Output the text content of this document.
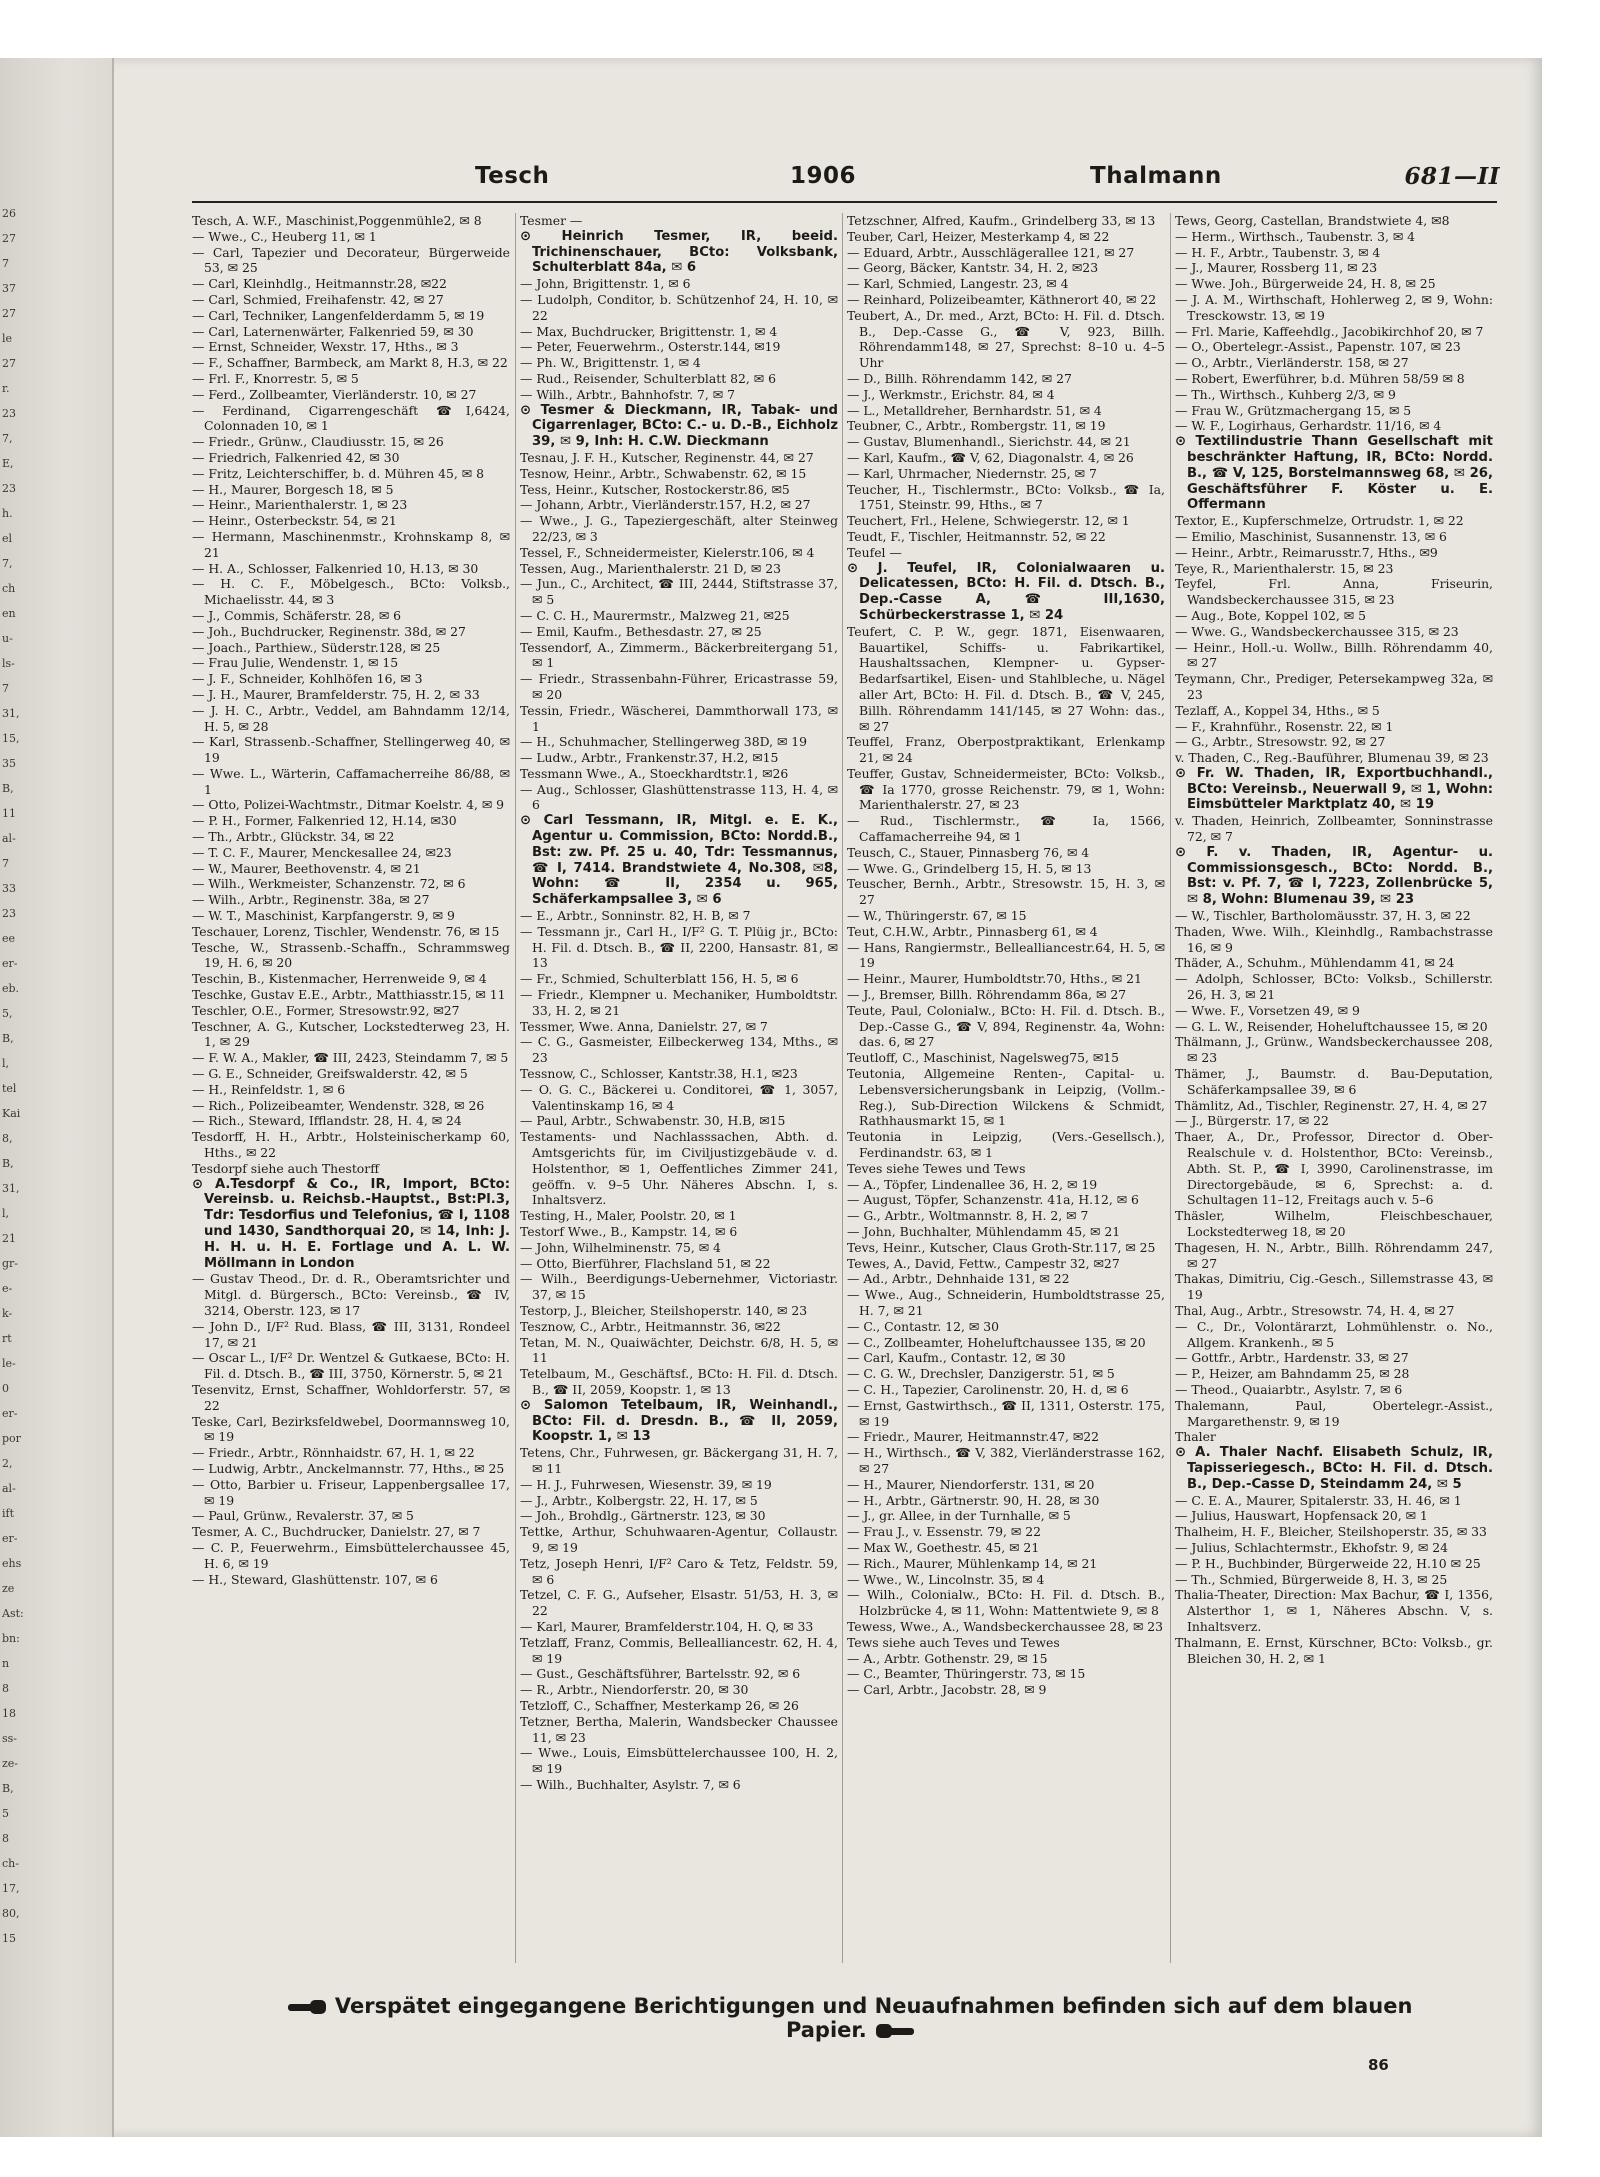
26
27
7
37
27
le
27
r.
23
7,
E,
23
h.
el
7,
ch
en
u-
ls-
7
31,
15,
35
B,
11
al-
7
33
23
ee
er-
eb.
5,
B,
l,
tel
Kai
8,
B,
31,
l,
21
gr-
e-
k-
rt
le-
0
er-
por
2,
al-
ift
er-
ehs
ze
Ast:
bn:
n
8
18
ss-
ze-
B,
5
8
ch-
17,
80,
15
Tesch	1906	Thalmann	681—II

Tesch, A. W.F., Maschinist,Poggenmühle2, ✉ 8

— Wwe., C., Heuberg 11, ✉ 1

— Carl, Tapezier und Decorateur, Bürgerweide 53, ✉ 25

— Carl, Kleinhdlg., Heitmannstr.28, ✉22

— Carl, Schmied, Freihafenstr. 42, ✉ 27

— Carl, Techniker, Langenfelderdamm 5, ✉ 19

— Carl, Laternenwärter, Falkenried 59, ✉ 30

— Ernst, Schneider, Wexstr. 17, Hths., ✉ 3

— F., Schaffner, Barmbeck, am Markt 8, H.3, ✉ 22

— Frl. F., Knorrestr. 5, ✉ 5

— Ferd., Zollbeamter, Vierländerstr. 10, ✉ 27

— Ferdinand, Cigarrengeschäft ☎I,6424, Colonnaden 10, ✉ 1

— Friedr., Grünw., Claudiusstr. 15, ✉ 26

— Friedrich, Falkenried 42, ✉ 30

— Fritz, Leichterschiffer, b. d. Mühren 45, ✉ 8

— H., Maurer, Borgesch 18, ✉ 5

— Heinr., Marienthalerstr. 1, ✉ 23

— Heinr., Osterbeckstr. 54, ✉ 21

— Hermann, Maschinenmstr., Krohnskamp 8, ✉ 21

— H. A., Schlosser, Falkenried 10, H.13, ✉ 30

— H. C. F., Möbelgesch., BCto: Volksb., Michaelisstr. 44, ✉ 3

— J., Commis, Schäferstr. 28, ✉ 6

— Joh., Buchdrucker, Reginenstr. 38d, ✉ 27

— Joach., Parthiew., Süderstr.128, ✉ 25

— Frau Julie, Wendenstr. 1, ✉ 15

— J. F., Schneider, Kohlhöfen 16, ✉ 3

— J. H., Maurer, Bramfelderstr. 75, H. 2, ✉ 33

— J. H. C., Arbtr., Veddel, am Bahndamm 12/14, H. 5, ✉ 28

— Karl, Strassenb.-Schaffner, Stellingerweg 40, ✉ 19

— Wwe. L., Wärterin, Caffamacherreihe 86/88, ✉ 1

— Otto, Polizei-Wachtmstr., Ditmar Koelstr. 4, ✉ 9

— P. H., Former, Falkenried 12, H.14, ✉30

— Th., Arbtr., Glückstr. 34, ✉ 22

— T. C. F., Maurer, Menckesallee 24, ✉23

— W., Maurer, Beethovenstr. 4, ✉ 21

— Wilh., Werkmeister, Schanzenstr. 72, ✉ 6

— Wilh., Arbtr., Reginenstr. 38a, ✉ 27

— W. T., Maschinist, Karpfangerstr. 9, ✉ 9

Teschauer, Lorenz, Tischler, Wendenstr. 76, ✉ 15

Tesche, W., Strassenb.-Schaffn., Schrammsweg 19, H. 6, ✉ 20

Teschin, B., Kistenmacher, Herrenweide 9, ✉ 4

Teschke, Gustav E.E., Arbtr., Matthiasstr.15, ✉ 11

Teschler, O.E., Former, Stresowstr.92, ✉27

Teschner, A. G., Kutscher, Lockstedterweg 23, H. 1, ✉ 29

— F. W. A., Makler, ☎ III, 2423, Steindamm 7, ✉ 5

— G. E., Schneider, Greifswalderstr. 42, ✉ 5

— H., Reinfeldstr. 1, ✉ 6

— Rich., Polizeibeamter, Wendenstr. 328, ✉ 26

— Rich., Steward, Ifflandstr. 28, H. 4, ✉ 24

Tesdorff, H. H., Arbtr., Holsteinischerkamp 60, Hths., ✉ 22

Tesdorpf siehe auch Thestorff

⊙ A.Tesdorpf & Co., IR, Import, BCto: Vereinsb. u. Reichsb.-Hauptst., Bst:Pl.3, Tdr: Tesdorfius und Telefonius, ☎ I, 1108 und 1430, Sandthorquai 20, ✉ 14, Inh: J. H. H. u. H. E. Fortlage und A. L. W. Möllmann in London

— Gustav Theod., Dr. d. R., Oberamtsrichter und Mitgl. d. Bürgersch., BCto: Vereinsb., ☎ IV, 3214, Oberstr. 123, ✉ 17

— John D., I/F² Rud. Blass, ☎ III, 3131, Rondeel 17, ✉ 21

— Oscar L., I/F² Dr. Wentzel & Gutkaese, BCto: H. Fil. d. Dtsch. B., ☎ III, 3750, Körnerstr. 5, ✉ 21

Tesenvitz, Ernst, Schaffner, Wohldorferstr. 57, ✉ 22

Teske, Carl, Bezirksfeldwebel, Doormannsweg 10, ✉ 19

— Friedr., Arbtr., Rönnhaidstr. 67, H. 1, ✉ 22

— Ludwig, Arbtr., Anckelmannstr. 77, Hths., ✉ 25

— Otto, Barbier u. Friseur, Lappenbergsallee 17, ✉ 19

— Paul, Grünw., Revalerstr. 37, ✉ 5

Tesmer, A. C., Buchdrucker, Danielstr. 27, ✉ 7

— C. P., Feuerwehrm., Eimsbüttelerchaussee 45, H. 6, ✉ 19

— H., Steward, Glashüttenstr. 107, ✉ 6

Tesmer —

⊙ Heinrich Tesmer, IR, beeid. Trichinenschauer, BCto: Volksbank, Schulterblatt 84a, ✉ 6

— John, Brigittenstr. 1, ✉ 6

— Ludolph, Conditor, b. Schützenhof 24, H. 10, ✉ 22

— Max, Buchdrucker, Brigittenstr. 1, ✉ 4

— Peter, Feuerwehrm., Osterstr.144, ✉19

— Ph. W., Brigittenstr. 1, ✉ 4

— Rud., Reisender, Schulterblatt 82, ✉ 6

— Wilh., Arbtr., Bahnhofstr. 7, ✉ 7

⊙ Tesmer & Dieckmann, IR, Tabak- und Cigarrenlager, BCto: C.- u. D.-B., Eichholz 39, ✉ 9, Inh: H. C.W. Dieckmann

Tesnau, J. F. H., Kutscher, Reginenstr. 44, ✉ 27

Tesnow, Heinr., Arbtr., Schwabenstr. 62, ✉ 15

Tess, Heinr., Kutscher, Rostockerstr.86, ✉5

— Johann, Arbtr., Vierländerstr.157, H.2, ✉ 27

— Wwe., J. G., Tapeziergeschäft, alter Steinweg 22/23, ✉ 3

Tessel, F., Schneidermeister, Kielerstr.106, ✉ 4

Tessen, Aug., Marienthalerstr. 21 D, ✉ 23

— Jun., C., Architect, ☎ III, 2444, Stiftstrasse 37, ✉ 5

— C. C. H., Maurermstr., Malzweg 21, ✉25

— Emil, Kaufm., Bethesdastr. 27, ✉ 25

Tessendorf, A., Zimmerm., Bäckerbreitergang 51, ✉ 1

— Friedr., Strassenbahn-Führer, Ericastrasse 59, ✉ 20

Tessin, Friedr., Wäscherei, Dammthorwall 173, ✉ 1

— H., Schuhmacher, Stellingerweg 38D, ✉ 19

— Ludw., Arbtr., Frankenstr.37, H.2, ✉15

Tessmann Wwe., A., Stoeckhardtstr.1, ✉26

— Aug., Schlosser, Glashüttenstrasse 113, H. 4, ✉ 6

⊙ Carl Tessmann, IR, Mitgl. e. E. K., Agentur u. Commission, BCto: Nordd.B., Bst: zw. Pf. 25 u. 40, Tdr: Tessmannus, ☎ I, 7414. Brandstwiete 4, No.308, ✉8, Wohn: ☎ II, 2354 u. 965, Schäferkampsallee 3, ✉ 6

— E., Arbtr., Sonninstr. 82, H. B, ✉ 7

— Tessmann jr., Carl H., I/F² G. T. Plüig jr., BCto: H. Fil. d. Dtsch. B., ☎ II, 2200, Hansastr. 81, ✉ 13

— Fr., Schmied, Schulterblatt 156, H. 5, ✉ 6

— Friedr., Klempner u. Mechaniker, Humboldtstr. 33, H. 2, ✉ 21

Tessmer, Wwe. Anna, Danielstr. 27, ✉ 7

— C. G., Gasmeister, Eilbeckerweg 134, Mths., ✉ 23

Tessnow, C., Schlosser, Kantstr.38, H.1, ✉23

— O. G. C., Bäckerei u. Conditorei, ☎ 1, 3057, Valentinskamp 16, ✉ 4

— Paul, Arbtr., Schwabenstr. 30, H.B, ✉15

Testaments- und Nachlasssachen, Abth. d. Amtsgerichts für, im Civiljustizgebäude v. d. Holstenthor, ✉ 1, Oeffentliches Zimmer 241, geöffn. v. 9–5 Uhr. Näheres Abschn. I, s. Inhaltsverz.

Testing, H., Maler, Poolstr. 20, ✉ 1

Testorf Wwe., B., Kampstr. 14, ✉ 6

— John, Wilhelminenstr. 75, ✉ 4

— Otto, Bierführer, Flachsland 51, ✉ 22

— Wilh., Beerdigungs-Uebernehmer, Victoriastr. 37, ✉ 15

Testorp, J., Bleicher, Steilshoperstr. 140, ✉ 23

Tesznow, C., Arbtr., Heitmannstr. 36, ✉22

Tetan, M. N., Quaiwächter, Deichstr. 6/8, H. 5, ✉ 11

Tetelbaum, M., Geschäftsf., BCto: H. Fil. d. Dtsch. B., ☎ II, 2059, Koopstr. 1, ✉ 13

⊙ Salomon Tetelbaum, IR, Weinhandl., BCto: Fil. d. Dresdn. B., ☎ II, 2059, Koopstr. 1, ✉ 13

Tetens, Chr., Fuhrwesen, gr. Bäckergang 31, H. 7, ✉ 11

— H. J., Fuhrwesen, Wiesenstr. 39, ✉ 19

— J., Arbtr., Kolbergstr. 22, H. 17, ✉ 5

— Joh., Brohdlg., Gärtnerstr. 123, ✉ 30

Tettke, Arthur, Schuhwaaren-Agentur, Collaustr. 9, ✉ 19

Tetz, Joseph Henri, I/F² Caro & Tetz, Feldstr. 59, ✉ 6

Tetzel, C. F. G., Aufseher, Elsastr. 51/53, H. 3, ✉ 22

— Karl, Maurer, Bramfelderstr.104, H. Q, ✉ 33

Tetzlaff, Franz, Commis, Bellealliancestr. 62, H. 4, ✉ 19

— Gust., Geschäftsführer, Bartelsstr. 92, ✉ 6

— R., Arbtr., Niendorferstr. 20, ✉ 30

Tetzloff, C., Schaffner, Mesterkamp 26, ✉ 26

Tetzner, Bertha, Malerin, Wandsbecker Chaussee 11, ✉ 23

— Wwe., Louis, Eimsbüttelerchaussee 100, H. 2, ✉ 19

— Wilh., Buchhalter, Asylstr. 7, ✉ 6

Tetzschner, Alfred, Kaufm., Grindelberg 33, ✉ 13

Teuber, Carl, Heizer, Mesterkamp 4, ✉ 22

— Eduard, Arbtr., Ausschlägerallee 121, ✉ 27

— Georg, Bäcker, Kantstr. 34, H. 2, ✉23

— Karl, Schmied, Langestr. 23, ✉ 4

— Reinhard, Polizeibeamter, Käthnerort 40, ✉ 22

Teubert, A., Dr. med., Arzt, BCto: H. Fil. d. Dtsch. B., Dep.-Casse G., ☎ V, 923, Billh. Röhrendamm148, ✉ 27, Sprechst: 8–10 u. 4–5 Uhr

— D., Billh. Röhrendamm 142, ✉ 27

— J., Werkmstr., Erichstr. 84, ✉ 4

— L., Metalldreher, Bernhardstr. 51, ✉ 4

Teubner, C., Arbtr., Rombergstr. 11, ✉ 19

— Gustav, Blumenhandl., Sierichstr. 44, ✉ 21

— Karl, Kaufm., ☎ V, 62, Diagonalstr. 4, ✉ 26

— Karl, Uhrmacher, Niedernstr. 25, ✉ 7

Teucher, H., Tischlermstr., BCto: Volksb., ☎ Ia, 1751, Steinstr. 99, Hths., ✉ 7

Teuchert, Frl., Helene, Schwiegerstr. 12, ✉ 1

Teudt, F., Tischler, Heitmannstr. 52, ✉ 22

Teufel —

⊙ J. Teufel, IR, Colonialwaaren u. Delicatessen, BCto: H. Fil. d. Dtsch. B., Dep.-Casse A, ☎ III,1630, Schürbeckerstrasse 1, ✉ 24

Teufert, C. P. W., gegr. 1871, Eisenwaaren, Bauartikel, Schiffs- u. Fabrikartikel, Haushaltssachen, Klempner- u. Gypser-Bedarfsartikel, Eisen- und Stahlbleche, u. Nägel aller Art, BCto: H. Fil. d. Dtsch. B., ☎ V, 245, Billh. Röhrendamm 141/145, ✉ 27 Wohn: das., ✉ 27

Teuffel, Franz, Oberpostpraktikant, Erlenkamp 21, ✉ 24

Teuffer, Gustav, Schneidermeister, BCto: Volksb., ☎ Ia 1770, grosse Reichenstr. 79, ✉ 1, Wohn: Marienthalerstr. 27, ✉ 23

— Rud., Tischlermstr., ☎ Ia, 1566, Caffamacherreihe 94, ✉ 1

Teusch, C., Stauer, Pinnasberg 76, ✉ 4

— Wwe. G., Grindelberg 15, H. 5, ✉ 13

Teuscher, Bernh., Arbtr., Stresowstr. 15, H. 3, ✉ 27

— W., Thüringerstr. 67, ✉ 15

Teut, C.H.W., Arbtr., Pinnasberg 61, ✉ 4

— Hans, Rangiermstr., Bellealliancestr.64, H. 5, ✉ 19

— Heinr., Maurer, Humboldtstr.70, Hths., ✉ 21

— J., Bremser, Billh. Röhrendamm 86a, ✉ 27

Teute, Paul, Colonialw., BCto: H. Fil. d. Dtsch. B., Dep.-Casse G., ☎ V, 894, Reginenstr. 4a, Wohn: das. 6, ✉ 27

Teutloff, C., Maschinist, Nagelsweg75, ✉15

Teutonia, Allgemeine Renten-, Capital- u. Lebensversicherungsbank in Leipzig, (Vollm.-Reg.), Sub-Direction Wilckens & Schmidt, Rathhausmarkt 15, ✉ 1

Teutonia in Leipzig, (Vers.-Gesellsch.), Ferdinandstr. 63, ✉ 1

Teves siehe Tewes und Tews

— A., Töpfer, Lindenallee 36, H. 2, ✉ 19

— August, Töpfer, Schanzenstr. 41a, H.12, ✉ 6

— G., Arbtr., Woltmannstr. 8, H. 2, ✉ 7

— John, Buchhalter, Mühlendamm 45, ✉ 21

Tevs, Heinr., Kutscher, Claus Groth-Str.117, ✉ 25

Tewes, A., David, Fettw., Campestr 32, ✉27

— Ad., Arbtr., Dehnhaide 131, ✉ 22

— Wwe., Aug., Schneiderin, Humboldtstrasse 25, H. 7, ✉ 21

— C., Contastr. 12, ✉ 30

— C., Zollbeamter, Hoheluftchaussee 135, ✉ 20

— Carl, Kaufm., Contastr. 12, ✉ 30

— C. G. W., Drechsler, Danzigerstr. 51, ✉ 5

— C. H., Tapezier, Carolinenstr. 20, H. d, ✉ 6

— Ernst, Gastwirthsch., ☎ II, 1311, Osterstr. 175, ✉ 19

— Friedr., Maurer, Heitmannstr.47, ✉22

— H., Wirthsch., ☎ V, 382, Vierländerstrasse 162, ✉ 27

— H., Maurer, Niendorferstr. 131, ✉ 20

— H., Arbtr., Gärtnerstr. 90, H. 28, ✉ 30

— J., gr. Allee, in der Turnhalle, ✉ 5

— Frau J., v. Essenstr. 79, ✉ 22

— Max W., Goethestr. 45, ✉ 21

— Rich., Maurer, Mühlenkamp 14, ✉ 21

— Wwe., W., Lincolnstr. 35, ✉ 4

— Wilh., Colonialw., BCto: H. Fil. d. Dtsch. B., Holzbrücke 4, ✉ 11, Wohn: Mattentwiete 9, ✉ 8

Tewess, Wwe., A., Wandsbeckerchaussee 28, ✉ 23

Tews siehe auch Teves und Tewes

— A., Arbtr. Gothenstr. 29, ✉ 15

— C., Beamter, Thüringerstr. 73, ✉ 15

— Carl, Arbtr., Jacobstr. 28, ✉ 9

Tews, Georg, Castellan, Brandstwiete 4, ✉8

— Herm., Wirthsch., Taubenstr. 3, ✉ 4

— H. F., Arbtr., Taubenstr. 3, ✉ 4

— J., Maurer, Rossberg 11, ✉ 23

— Wwe. Joh., Bürgerweide 24, H. 8, ✉ 25

— J. A. M., Wirthschaft, Hohlerweg 2, ✉ 9, Wohn: Tresckowstr. 13, ✉ 19

— Frl. Marie, Kaffeehdlg., Jacobikirchhof 20, ✉ 7

— O., Obertelegr.-Assist., Papenstr. 107, ✉ 23

— O., Arbtr., Vierländerstr. 158, ✉ 27

— Robert, Ewerführer, b.d. Mühren 58/59 ✉ 8

— Th., Wirthsch., Kuhberg 2/3, ✉ 9

— Frau W., Grützmachergang 15, ✉ 5

— W. F., Logirhaus, Gerhardstr. 11/16, ✉ 4

⊙ Textilindustrie Thann Gesellschaft mit beschränkter Haftung, IR, BCto: Nordd. B., ☎ V, 125, Borstelmannsweg 68, ✉ 26, Geschäftsführer F. Köster u. E. Offermann

Textor, E., Kupferschmelze, Ortrudstr. 1, ✉ 22

— Emilio, Maschinist, Susannenstr. 13, ✉ 6

— Heinr., Arbtr., Reimarusstr.7, Hths., ✉9

Teye, R., Marienthalerstr. 15, ✉ 23

Teyfel, Frl. Anna, Friseurin, Wandsbeckerchaussee 315, ✉ 23

— Aug., Bote, Koppel 102, ✉ 5

— Wwe. G., Wandsbeckerchaussee 315, ✉ 23

— Heinr., Holl.-u. Wollw., Billh. Röhrendamm 40, ✉ 27

Teymann, Chr., Prediger, Petersekampweg 32a, ✉ 23

Tezlaff, A., Koppel 34, Hths., ✉ 5

— F., Krahnführ., Rosenstr. 22, ✉ 1

— G., Arbtr., Stresowstr. 92, ✉ 27

v. Thaden, C., Reg.-Bauführer, Blumenau 39, ✉ 23

⊙ Fr. W. Thaden, IR, Exportbuchhandl., BCto: Vereinsb., Neuerwall 9, ✉ 1, Wohn: Eimsbütteler Marktplatz 40, ✉ 19

v. Thaden, Heinrich, Zollbeamter, Sonninstrasse 72, ✉ 7

⊙ F. v. Thaden, IR, Agentur- u. Commissionsgesch., BCto: Nordd. B., Bst: v. Pf. 7, ☎ I, 7223, Zollenbrücke 5, ✉ 8, Wohn: Blumenau 39, ✉ 23

— W., Tischler, Bartholomäusstr. 37, H. 3, ✉ 22

Thaden, Wwe. Wilh., Kleinhdlg., Rambachstrasse 16, ✉ 9

Thäder, A., Schuhm., Mühlendamm 41, ✉ 24

— Adolph, Schlosser, BCto: Volksb., Schillerstr. 26, H. 3, ✉ 21

— Wwe. F., Vorsetzen 49, ✉ 9

— G. L. W., Reisender, Hoheluftchaussee 15, ✉ 20

Thälmann, J., Grünw., Wandsbeckerchaussee 208, ✉ 23

Thämer, J., Baumstr. d. Bau-Deputation, Schäferkampsallee 39, ✉ 6

Thämlitz, Ad., Tischler, Reginenstr. 27, H. 4, ✉ 27

— J., Bürgerstr. 17, ✉ 22

Thaer, A., Dr., Professor, Director d. Ober-Realschule v. d. Holstenthor, BCto: Vereinsb., Abth. St. P., ☎ I, 3990, Carolinenstrasse, im Directorgebäude, ✉ 6, Sprechst: a. d. Schultagen 11–12, Freitags auch v. 5–6

Thäsler, Wilhelm, Fleischbeschauer, Lockstedterweg 18, ✉ 20

Thagesen, H. N., Arbtr., Billh. Röhrendamm 247, ✉ 27

Thakas, Dimitriu, Cig.-Gesch., Sillemstrasse 43, ✉ 19

Thal, Aug., Arbtr., Stresowstr. 74, H. 4, ✉ 27

— C., Dr., Volontärarzt, Lohmühlenstr. o. No., Allgem. Krankenh., ✉ 5

— Gottfr., Arbtr., Hardenstr. 33, ✉ 27

— P., Heizer, am Bahndamm 25, ✉ 28

— Theod., Quaiarbtr., Asylstr. 7, ✉ 6

Thalemann, Paul, Obertelegr.-Assist., Margarethenstr. 9, ✉ 19

Thaler

⊙ A. Thaler Nachf. Elisabeth Schulz, IR, Tapisseriegesch., BCto: H. Fil. d. Dtsch. B., Dep.-Casse D, Steindamm 24, ✉ 5

— C. E. A., Maurer, Spitalerstr. 33, H. 46, ✉ 1

— Julius, Hauswart, Hopfensack 20, ✉ 1

Thalheim, H. F., Bleicher, Steilshoperstr. 35, ✉ 33

— Julius, Schlachtermstr., Ekhofstr. 9, ✉ 24

— P. H., Buchbinder, Bürgerweide 22, H.10 ✉ 25

— Th., Schmied, Bürgerweide 8, H. 3, ✉ 25

Thalia-Theater, Direction: Max Bachur, ☎ I, 1356, Alsterthor 1, ✉ 1, Näheres Abschn. V, s. Inhaltsverz.

Thalmann, E. Ernst, Kürschner, BCto: Volksb., gr. Bleichen 30, H. 2, ✉ 1

Verspätet eingegangene Berichtigungen und Neuaufnahmen befinden sich auf dem blauen Papier.
86
